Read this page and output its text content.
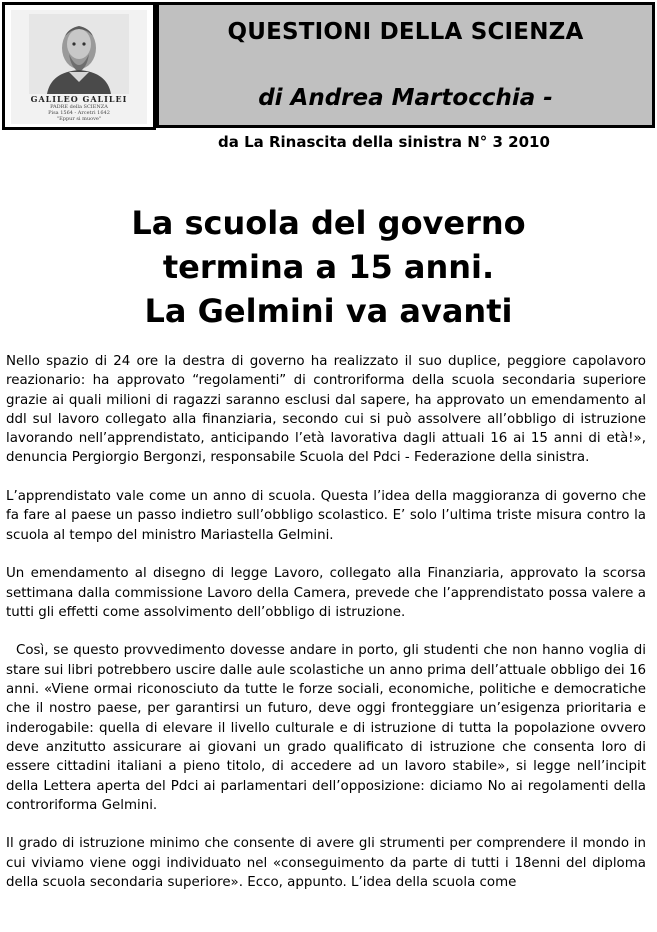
GALILEO GALILEI
PADRE della SCIENZA
Pisa 1564 - Arcetri 1642
"Eppur si muove"
QUESTIONI DELLA SCIENZA
di Andrea Martocchia -
da La Rinascita della sinistra N° 3 2010
La scuola del governo
termina a 15 anni.
La Gelmini va avanti

Nello spazio di 24 ore la destra di governo ha realizzato il suo duplice, peggiore capolavoro reazionario: ha approvato “regolamenti” di controriforma della scuola secondaria superiore grazie ai quali milioni di ragazzi saranno esclusi dal sapere, ha approvato un emendamento al ddl sul lavoro collegato alla finanziaria, secondo cui si può assolvere all’obbligo di istruzione lavorando nell’apprendistato, anticipando l’età lavorativa dagli attuali 16 ai 15 anni di età!», denuncia Pergiorgio Bergonzi, responsabile Scuola del Pdci - Federazione della sinistra.

L’apprendistato vale come un anno di scuola. Questa l’idea della maggioranza di governo che fa fare al paese un passo indietro sull’obbligo scolastico. E’ solo l’ultima triste misura contro la scuola al tempo del ministro Mariastella Gelmini.

Un emendamento al disegno di legge Lavoro, collegato alla Finanziaria, approvato la scorsa settimana dalla commissione Lavoro della Camera, prevede che l’apprendistato possa valere a tutti gli effetti come assolvimento dell’obbligo di istruzione.

Così, se questo provvedimento dovesse andare in porto, gli studenti che non hanno voglia di stare sui libri potrebbero uscire dalle aule scolastiche un anno prima dell’attuale obbligo dei 16 anni. «Viene ormai riconosciuto da tutte le forze sociali, economiche, politiche e democratiche che il nostro paese, per garantirsi un futuro, deve oggi fronteggiare un’esigenza prioritaria e inderogabile: quella di elevare il livello culturale e di istruzione di tutta la popolazione ovvero deve anzitutto assicurare ai giovani un grado qualificato di istruzione che consenta loro di essere cittadini italiani a pieno titolo, di accedere ad un lavoro stabile», si legge nell’incipit della Lettera aperta del Pdci ai parlamentari dell’opposizione: diciamo No ai regolamenti della controriforma Gelmini.

Il grado di istruzione minimo che consente di avere gli strumenti per comprendere il mondo in cui viviamo viene oggi individuato nel «conseguimento da parte di tutti i 18enni del diploma della scuola secondaria superiore». Ecco, appunto. L’idea della scuola come
